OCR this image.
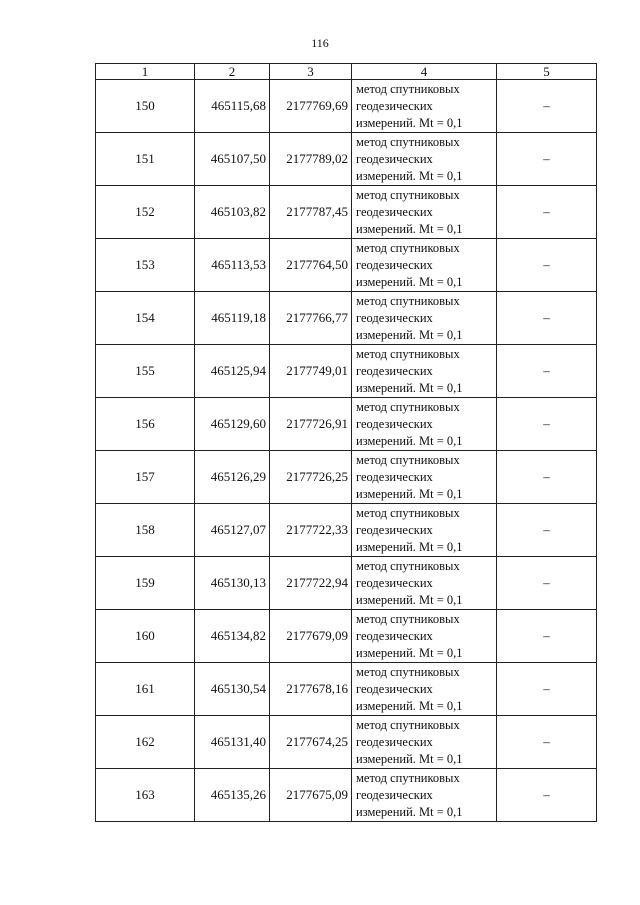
116
1	2	3	4	5
150	465115,68	2177769,69	метод спутниковых
геодезических
измерений. Mt = 0,1	–
151	465107,50	2177789,02	метод спутниковых
геодезических
измерений. Mt = 0,1	–
152	465103,82	2177787,45	метод спутниковых
геодезических
измерений. Mt = 0,1	–
153	465113,53	2177764,50	метод спутниковых
геодезических
измерений. Mt = 0,1	–
154	465119,18	2177766,77	метод спутниковых
геодезических
измерений. Mt = 0,1	–
155	465125,94	2177749,01	метод спутниковых
геодезических
измерений. Mt = 0,1	–
156	465129,60	2177726,91	метод спутниковых
геодезических
измерений. Mt = 0,1	–
157	465126,29	2177726,25	метод спутниковых
геодезических
измерений. Mt = 0,1	–
158	465127,07	2177722,33	метод спутниковых
геодезических
измерений. Mt = 0,1	–
159	465130,13	2177722,94	метод спутниковых
геодезических
измерений. Mt = 0,1	–
160	465134,82	2177679,09	метод спутниковых
геодезических
измерений. Mt = 0,1	–
161	465130,54	2177678,16	метод спутниковых
геодезических
измерений. Mt = 0,1	–
162	465131,40	2177674,25	метод спутниковых
геодезических
измерений. Mt = 0,1	–
163	465135,26	2177675,09	метод спутниковых
геодезических
измерений. Mt = 0,1	–
